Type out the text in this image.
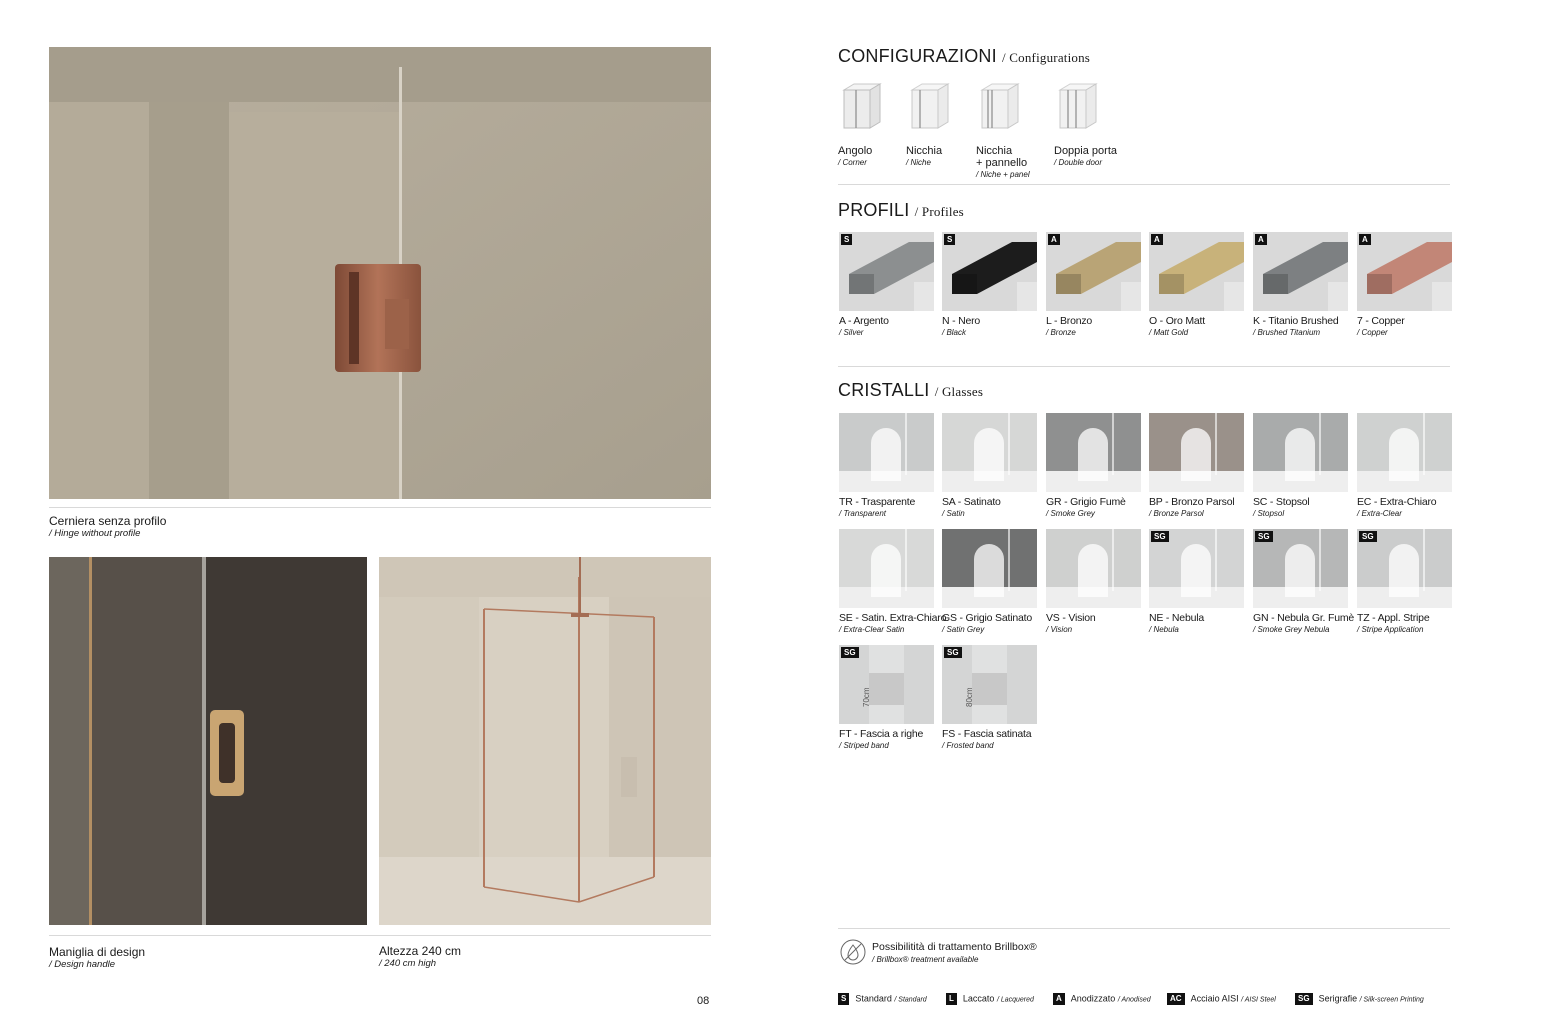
Cerniera senza profilo
/ Hinge without profile
Maniglia di design
/ Design handle
Altezza 240 cm
/ 240 cm high
08
CONFIGURAZIONI / Configurations
Angolo
/ Corner
Nicchia
/ Niche
Nicchia
+ pannello
/ Niche + panel
Doppia porta
/ Double door
PROFILI / Profiles
S
A - Argento
/ Silver
S
N - Nero
/ Black
A
L - Bronzo
/ Bronze
A
O - Oro Matt
/ Matt Gold
A
K - Titanio Brushed
/ Brushed Titanium
A
7 - Copper
/ Copper
CRISTALLI / Glasses
TR - Trasparente
/ Transparent
SA - Satinato
/ Satin
GR - Grigio Fumè
/ Smoke Grey
BP - Bronzo Parsol
/ Bronze Parsol
SC - Stopsol
/ Stopsol
EC - Extra-Chiaro
/ Extra-Clear
SE - Satin. Extra-Chiaro
/ Extra-Clear Satin
GS - Grigio Satinato
/ Satin Grey
VS - Vision
/ Vision
SG
NE - Nebula
/ Nebula
SG
GN - Nebula Gr. Fumè
/ Smoke Grey Nebula
SG
TZ - Appl. Stripe
/ Stripe Application
70cm
SG
FT - Fascia a righe
/ Striped band
80cm
SG
FS - Fascia satinata
/ Frosted band
Possibilitità di trattamento Brillbox®
/ Brillbox® treatment available
S Standard / Standard	L Laccato / Lacquered	A Anodizzato / Anodised	AC Acciaio AISI / AISI Steel	SG Serigrafie / Silk-screen Printing
